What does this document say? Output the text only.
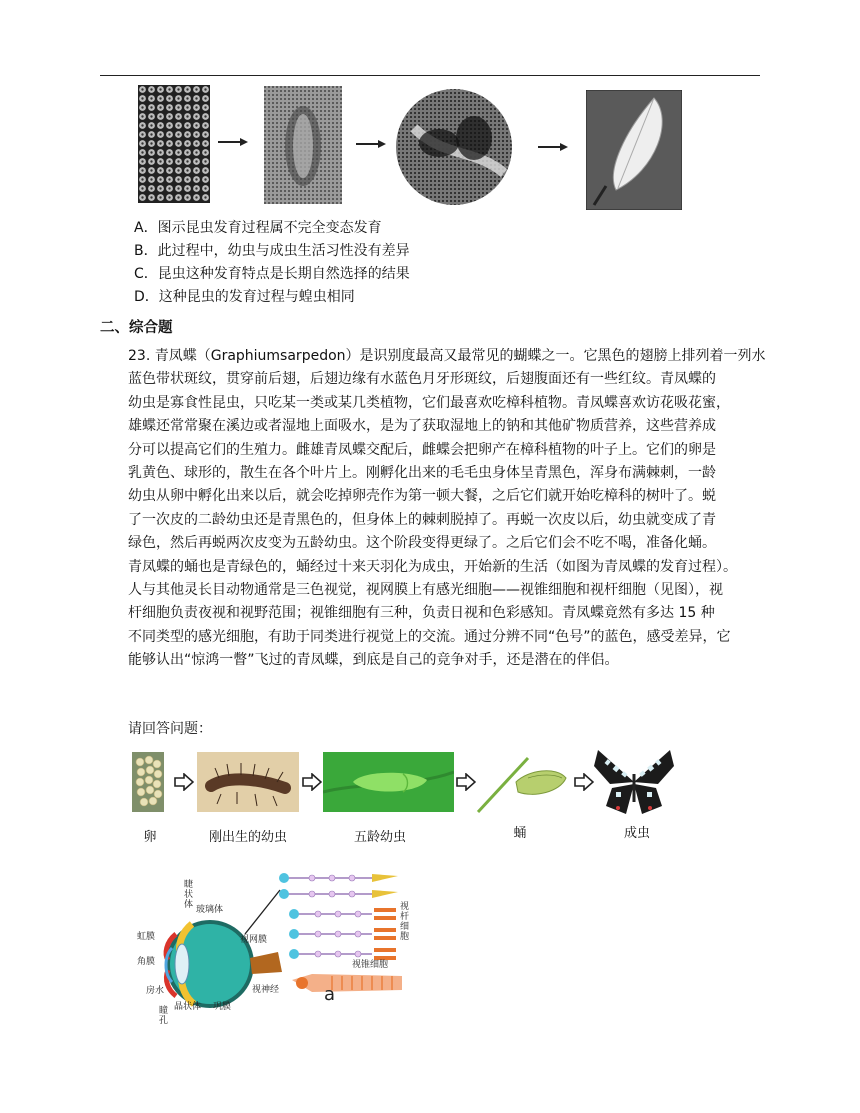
A．图示昆虫发育过程属不完全变态发育
B．此过程中，幼虫与成虫生活习性没有差异
C．昆虫这种发育特点是长期自然选择的结果
D．这种昆虫的发育过程与蝗虫相同
二、综合题
23. 青凤蝶（Graphiumsarpedon）是识别度最高又最常见的蝴蝶之一。它黑色的翅膀上排列着一列水
蓝色带状斑纹，贯穿前后翅，后翅边缘有水蓝色月牙形斑纹，后翅腹面还有一些红纹。青凤蝶的
幼虫是寡食性昆虫，只吃某一类或某几类植物，它们最喜欢吃樟科植物。青凤蝶喜欢访花吸花蜜，
雄蝶还常常聚在溪边或者湿地上面吸水，是为了获取湿地上的钠和其他矿物质营养，这些营养成
分可以提高它们的生殖力。雌雄青凤蝶交配后，雌蝶会把卵产在樟科植物的叶子上。它们的卵是
乳黄色、球形的，散生在各个叶片上。刚孵化出来的毛毛虫身体呈青黑色，浑身布满棘刺，一龄
幼虫从卵中孵化出来以后，就会吃掉卵壳作为第一顿大餐，之后它们就开始吃樟科的树叶了。蜕
了一次皮的二龄幼虫还是青黑色的，但身体上的棘刺脱掉了。再蜕一次皮以后，幼虫就变成了青
绿色，然后再蜕两次皮变为五龄幼虫。这个阶段变得更绿了。之后它们会不吃不喝，准备化蛹。
青凤蝶的蛹也是青绿色的，蛹经过十来天羽化为成虫，开始新的生活（如图为青凤蝶的发育过程）。
人与其他灵长目动物通常是三色视觉，视网膜上有感光细胞——视锥细胞和视杆细胞（见图），视
杆细胞负责夜视和视野范围；视锥细胞有三种，负责日视和色彩感知。青凤蝶竟然有多达 15 种
不同类型的感光细胞，有助于同类进行视觉上的交流。通过分辨不同“色号”的蓝色，感受差异，它
能够认出“惊鸿一瞥”飞过的青凤蝶，到底是自己的竞争对手，还是潜在的伴侣。
请回答问题：
卵	刚出生的幼虫	五龄幼虫	蛹	成虫
睫
状
体 玻璃体
视网膜
虹膜
角膜
房水
瞳
孔
晶状体 巩膜
视神经
视锥细胞
视
杆
细
胞
a
